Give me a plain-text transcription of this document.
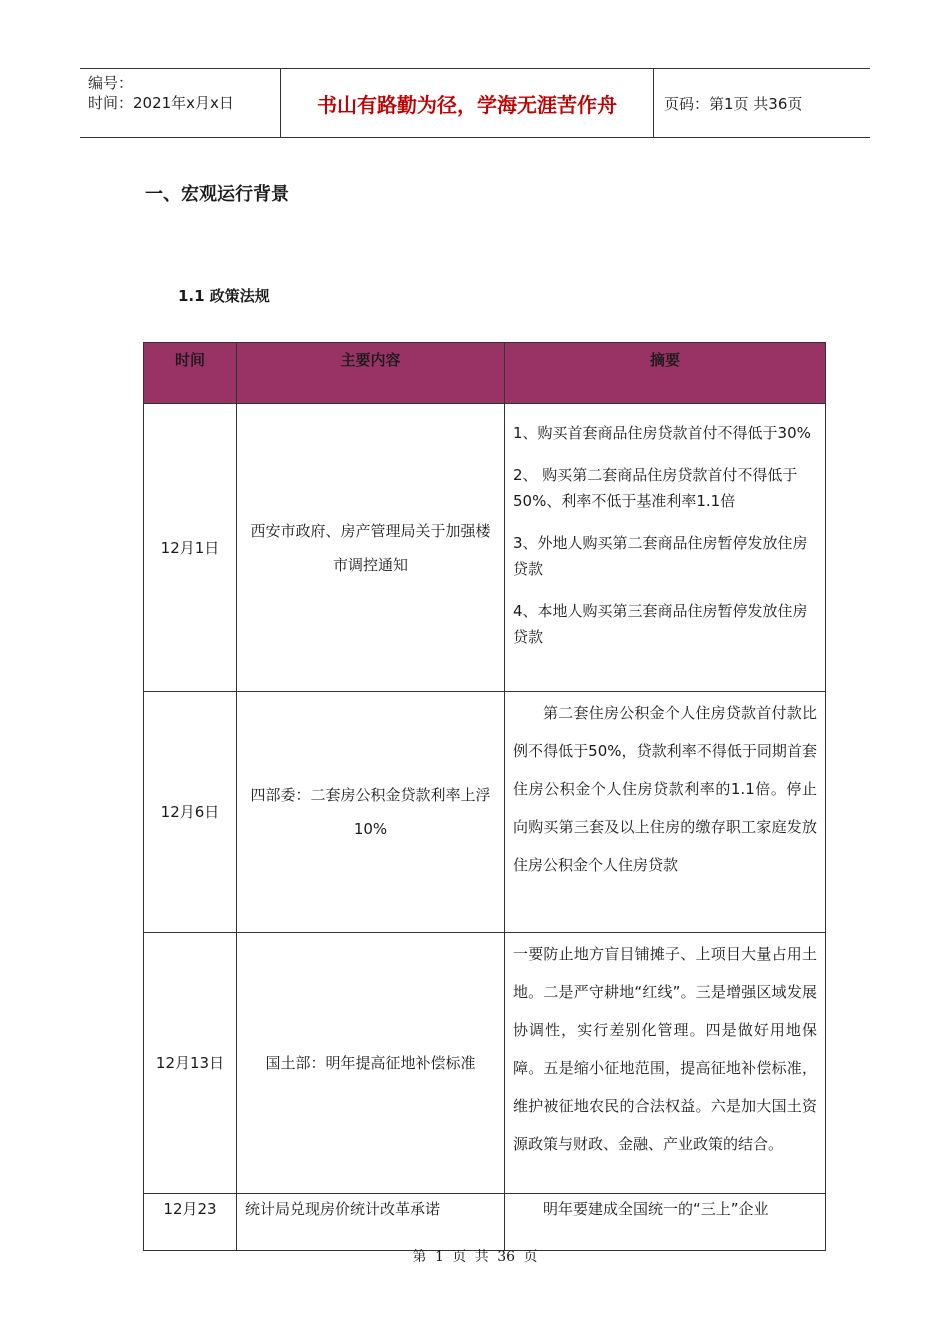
编号：
时间：2021年x月x日	书山有路勤为径，学海无涯苦作舟	页码：第1页 共36页
一、宏观运行背景
1.1 政策法规
时间	主要内容	摘要
12月1日	西安市政府、房产管理局关于加强楼市调控通知	1、购买首套商品住房贷款首付不得低于30%

2、 购买第二套商品住房贷款首付不得低于50%、利率不低于基准利率1.1倍

3、外地人购买第二套商品住房暂停发放住房贷款

4、本地人购买第三套商品住房暂停发放住房贷款

12月6日	四部委：二套房公积金贷款利率上浮10%	第二套住房公积金个人住房贷款首付款比例不得低于50%，贷款利率不得低于同期首套住房公积金个人住房贷款利率的1.1倍。停止向购买第三套及以上住房的缴存职工家庭发放住房公积金个人住房贷款
12月13日	国土部：明年提高征地补偿标准	一要防止地方盲目铺摊子、上项目大量占用土地。二是严守耕地“红线”。三是增强区域发展协调性，实行差别化管理。四是做好用地保障。五是缩小征地范围，提高征地补偿标准，维护被征地农民的合法权益。六是加大国土资源政策与财政、金融、产业政策的结合。
12月23	统计局兑现房价统计改革承诺	明年要建成全国统一的“三上”企业
第 1 页 共 36 页
